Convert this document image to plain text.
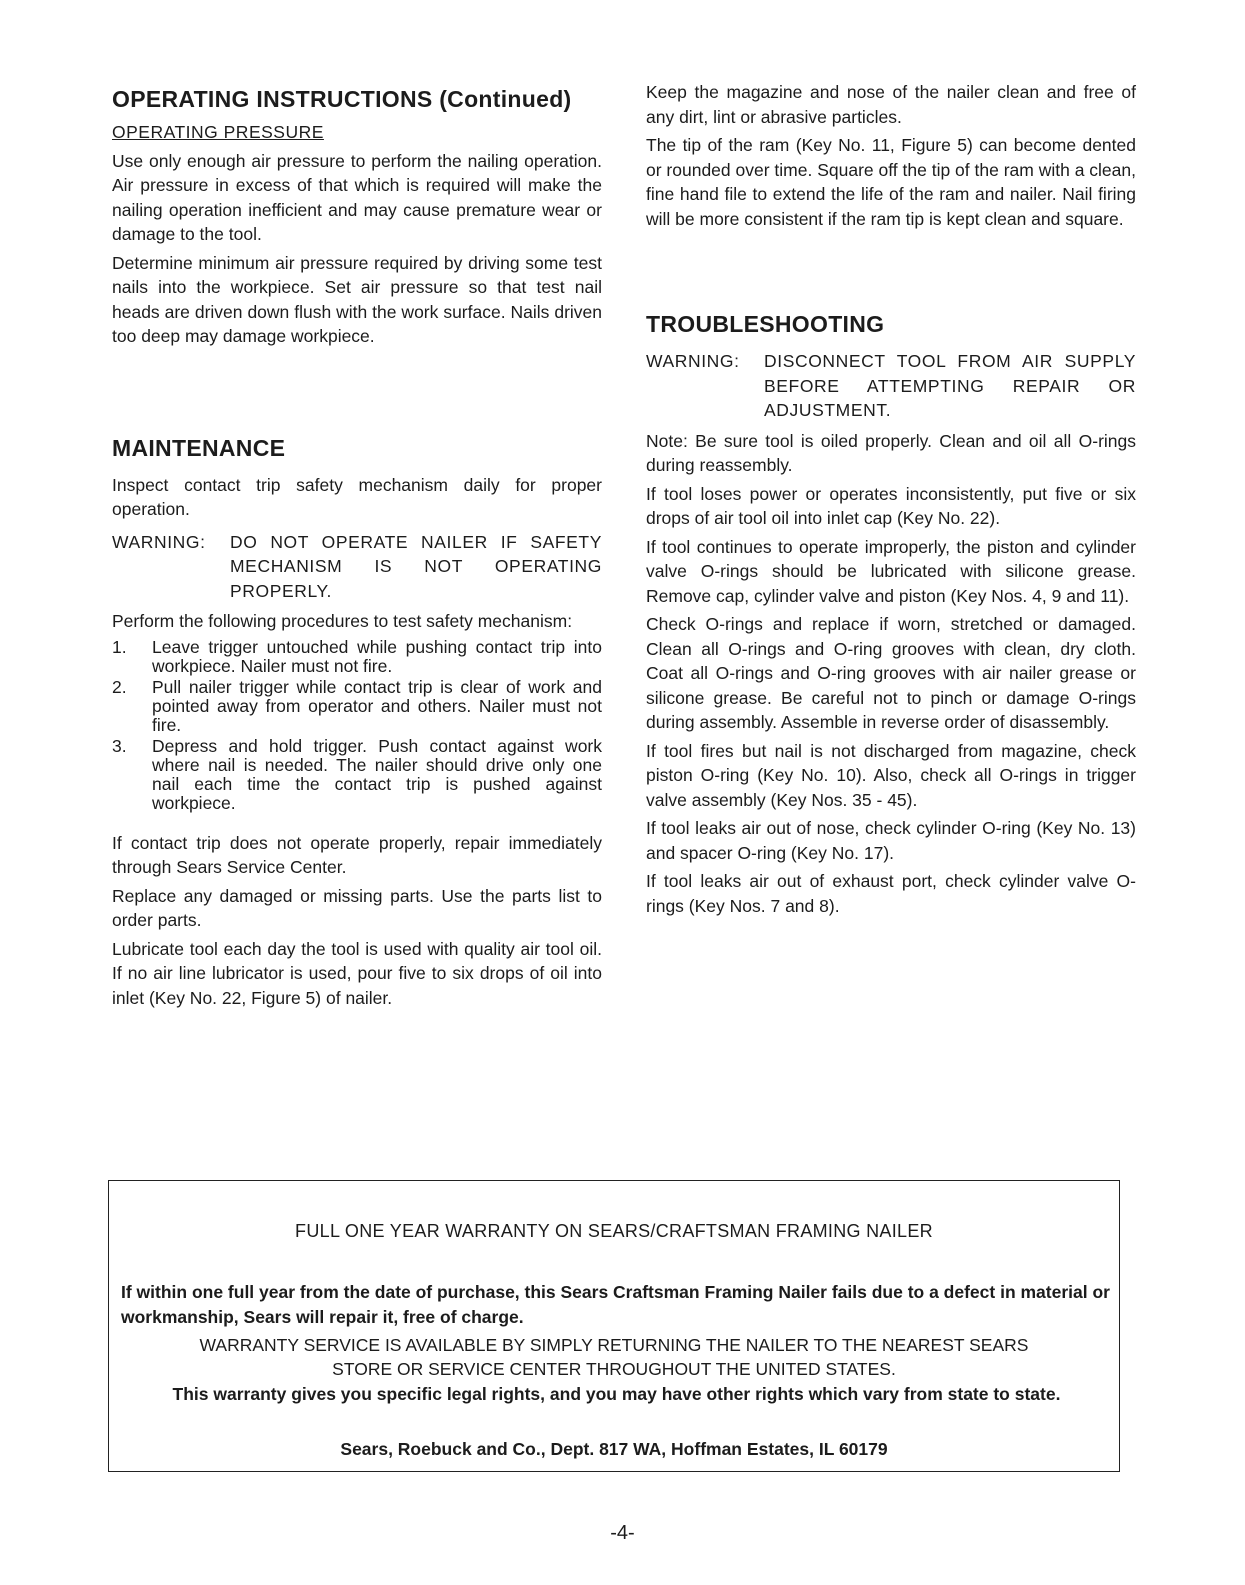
OPERATING INSTRUCTIONS (Continued)
OPERATING PRESSURE

Use only enough air pressure to perform the nailing operation. Air pressure in excess of that which is required will make the nailing operation inefficient and may cause premature wear or damage to the tool.

Determine minimum air pressure required by driving some test nails into the workpiece. Set air pressure so that test nail heads are driven down flush with the work surface. Nails driven too deep may damage workpiece.

MAINTENANCE

Inspect contact trip safety mechanism daily for proper operation.

WARNING:	DO NOT OPERATE NAILER IF SAFETY MECHANISM IS NOT OPERATING PROPERLY.

Perform the following procedures to test safety mechanism:

1.	Leave trigger untouched while pushing contact trip into workpiece. Nailer must not fire.
2.	Pull nailer trigger while contact trip is clear of work and pointed away from operator and others. Nailer must not fire.
3.	Depress and hold trigger. Push contact against work where nail is needed. The nailer should drive only one nail each time the contact trip is pushed against workpiece.

If contact trip does not operate properly, repair immediately through Sears Service Center.

Replace any damaged or missing parts. Use the parts list to order parts.

Lubricate tool each day the tool is used with quality air tool oil. If no air line lubricator is used, pour five to six drops of oil into inlet (Key No. 22, Figure 5) of nailer.

Keep the magazine and nose of the nailer clean and free of any dirt, lint or abrasive particles.

The tip of the ram (Key No. 11, Figure 5) can become dented or rounded over time. Square off the tip of the ram with a clean, fine hand file to extend the life of the ram and nailer. Nail firing will be more consistent if the ram tip is kept clean and square.

TROUBLESHOOTING
WARNING:	DISCONNECT TOOL FROM AIR SUPPLY BEFORE ATTEMPTING REPAIR OR ADJUSTMENT.

Note: Be sure tool is oiled properly. Clean and oil all O-rings during reassembly.

If tool loses power or operates inconsistently, put five or six drops of air tool oil into inlet cap (Key No. 22).

If tool continues to operate improperly, the piston and cylinder valve O-rings should be lubricated with silicone grease. Remove cap, cylinder valve and piston (Key Nos. 4, 9 and 11).

Check O-rings and replace if worn, stretched or damaged. Clean all O-rings and O-ring grooves with clean, dry cloth. Coat all O-rings and O-ring grooves with air nailer grease or silicone grease. Be careful not to pinch or damage O-rings during assembly. Assemble in reverse order of disassembly.

If tool fires but nail is not discharged from magazine, check piston O-ring (Key No. 10). Also, check all O-rings in trigger valve assembly (Key Nos. 35 - 45).

If tool leaks air out of nose, check cylinder O-ring (Key No. 13) and spacer O-ring (Key No. 17).

If tool leaks air out of exhaust port, check cylinder valve O-rings (Key Nos. 7 and 8).

FULL ONE YEAR WARRANTY ON SEARS/CRAFTSMAN FRAMING NAILER
If within one full year from the date of purchase, this Sears Craftsman Framing Nailer fails due to a defect in material or workmanship, Sears will repair it, free of charge.
WARRANTY SERVICE IS AVAILABLE BY SIMPLY RETURNING THE NAILER TO THE NEAREST SEARS
STORE OR SERVICE CENTER THROUGHOUT THE UNITED STATES.
This warranty gives you specific legal rights, and you may have other rights which vary from state to state.
Sears, Roebuck and Co., Dept. 817 WA, Hoffman Estates, IL 60179
-4-
